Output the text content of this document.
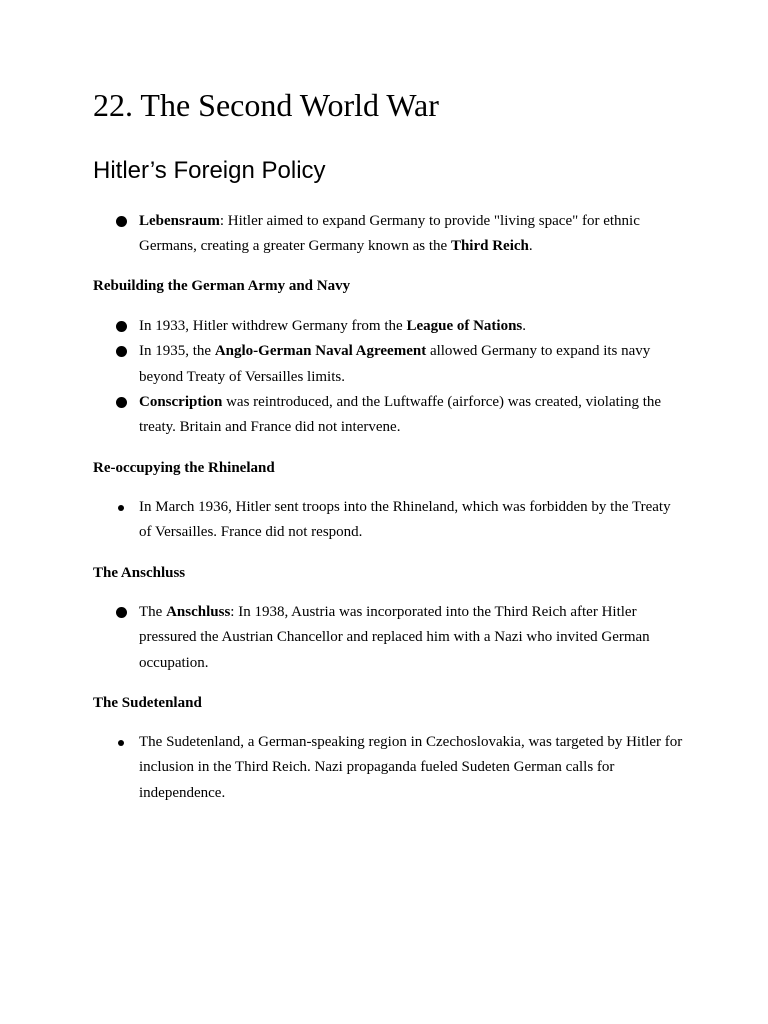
22. The Second World War
Hitler’s Foreign Policy
Lebensraum: Hitler aimed to expand Germany to provide "living space" for ethnic Germans, creating a greater Germany known as the Third Reich.
Rebuilding the German Army and Navy
In 1933, Hitler withdrew Germany from the League of Nations.
In 1935, the Anglo-German Naval Agreement allowed Germany to expand its navy beyond Treaty of Versailles limits.
Conscription was reintroduced, and the Luftwaffe (airforce) was created, violating the treaty. Britain and France did not intervene.
Re-occupying the Rhineland
In March 1936, Hitler sent troops into the Rhineland, which was forbidden by the Treaty of Versailles. France did not respond.
The Anschluss
The Anschluss: In 1938, Austria was incorporated into the Third Reich after Hitler pressured the Austrian Chancellor and replaced him with a Nazi who invited German occupation.
The Sudetenland
The Sudetenland, a German-speaking region in Czechoslovakia, was targeted by Hitler for inclusion in the Third Reich. Nazi propaganda fueled Sudeten German calls for independence.
